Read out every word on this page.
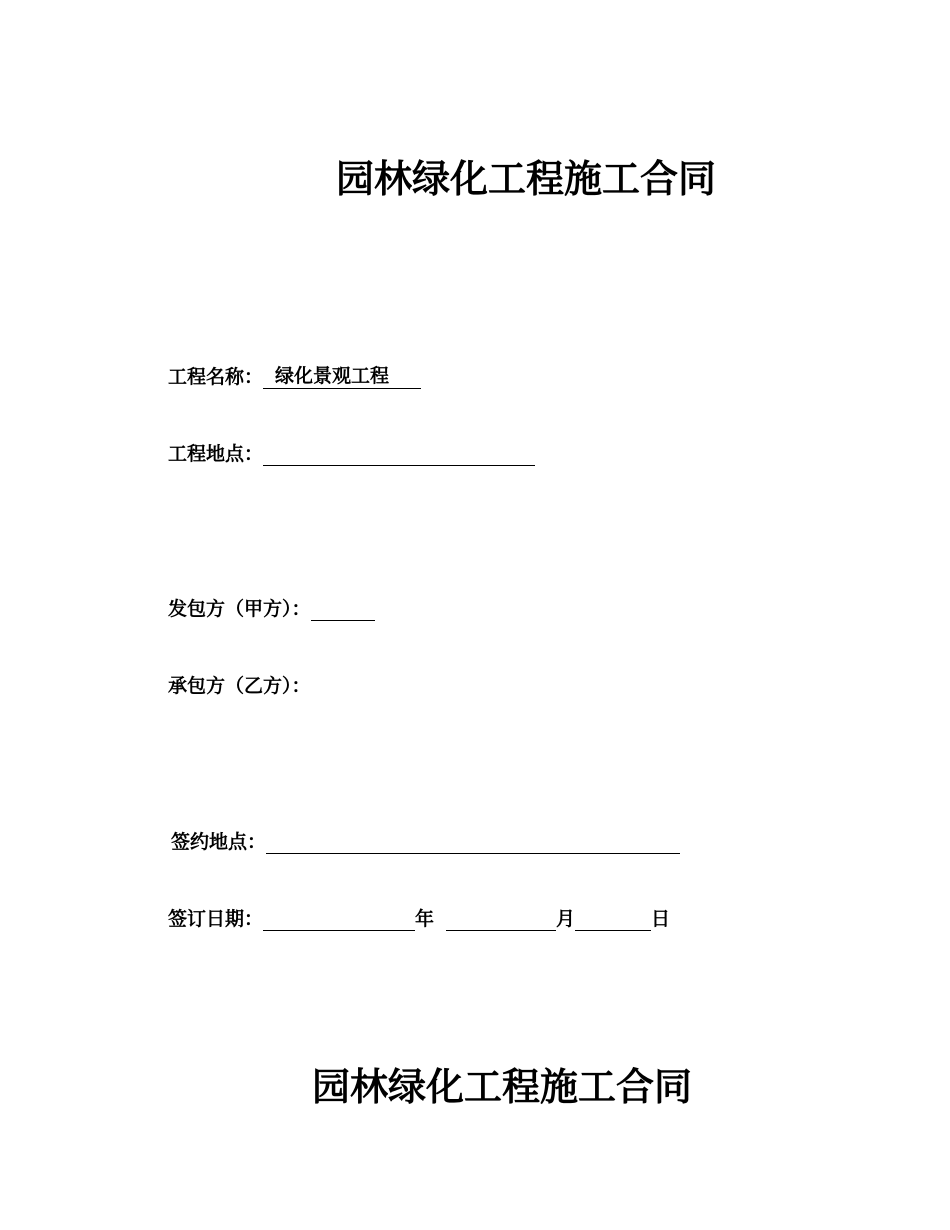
园林绿化工程施工合同
工程名称： 绿化景观工程
工程地点：
发包方（甲方）：
承包方（乙方）：
签约地点：
签订日期：	年	月	日
园林绿化工程施工合同
